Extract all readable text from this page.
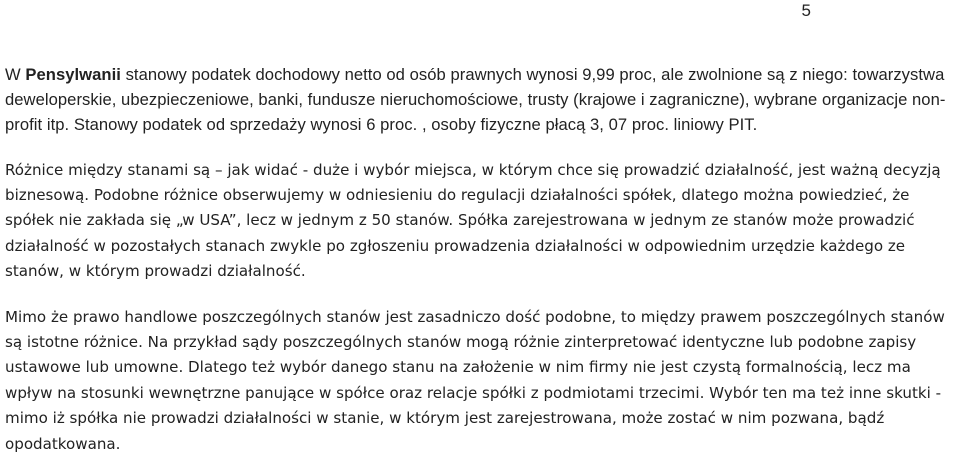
5

W Pensylwanii stanowy podatek dochodowy netto od osób prawnych wynosi 9,99 proc, ale zwolnione są z niego: towarzystwa deweloperskie, ubezpieczeniowe, banki, fundusze nieruchomościowe, trusty (krajowe i zagraniczne), wybrane organizacje non-profit itp. Stanowy podatek od sprzedaży wynosi 6 proc. , osoby fizyczne płacą 3, 07 proc. liniowy PIT.

Różnice między stanami są – jak widać - duże i wybór miejsca, w którym chce się prowadzić działalność, jest ważną decyzją biznesową. Podobne różnice obserwujemy w odniesieniu do regulacji działalności spółek, dlatego można powiedzieć, że spółek nie zakłada się „w USA”, lecz w jednym z 50 stanów. Spółka zarejestrowana w jednym ze stanów może prowadzić działalność w pozostałych stanach zwykle po zgłoszeniu prowadzenia działalności w odpowiednim urzędzie każdego ze stanów, w którym prowadzi działalność.

Mimo że prawo handlowe poszczególnych stanów jest zasadniczo dość podobne, to między prawem poszczególnych stanów są istotne różnice. Na przykład sądy poszczególnych stanów mogą różnie zinterpretować identyczne lub podobne zapisy ustawowe lub umowne. Dlatego też wybór danego stanu na założenie w nim firmy nie jest czystą formalnością, lecz ma wpływ na stosunki wewnętrzne panujące w spółce oraz relacje spółki z podmiotami trzecimi. Wybór ten ma też inne skutki - mimo iż spółka nie prowadzi działalności w stanie, w którym jest zarejestrowana, może zostać w nim pozwana, bądź opodatkowana.
